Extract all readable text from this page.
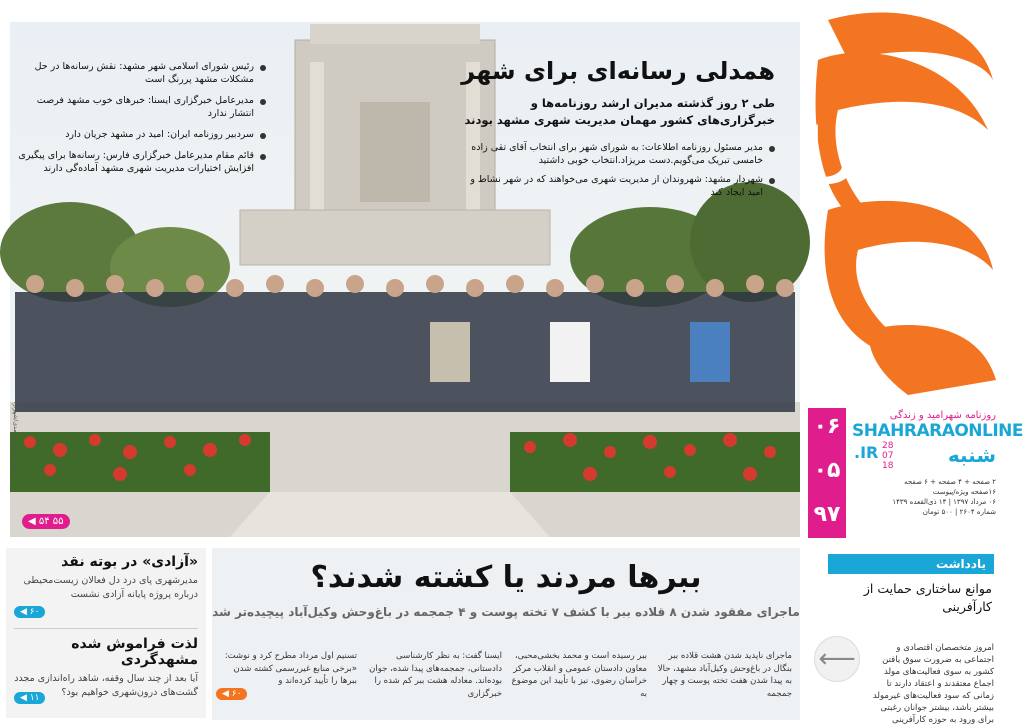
شهرآرا
۰۶
۰۵
۹۷
روزنامه شهرامید و زندگی
SHAHRARAONLINE
.IR 28
07
18	شنبه
۲ صفحه + ۴ صفحه + ۶ صفحه
۱۶صفحه ویژه/پیوست
۰۶ مرداد ۱۳۹۷ | ۱۴ ذی‌القعده ۱۴۳۹
شماره ۲۶۰۴ | ۵۰۰ تومان
همدلی رسانه‌ای برای شهر
طی ۲ روز گذشته مدیران ارشد روزنامه‌ها و خبرگزاری‌های کشور مهمان مدیریت شهری مشهد بودند
مدیر مسئول روزنامه اطلاعات: به شورای شهر برای انتخاب آقای تقی زاده خامسی تبریک می‌گویم.دست مریزاد.انتخاب خوبی داشتید
شهردار مشهد: شهروندان از مدیریت شهری می‌خواهند که در شهر نشاط و امید ایجاد کند
رئیس شورای اسلامی شهر مشهد: نقش رسانه‌ها در حل مشکلات مشهد پررنگ است
مدیرعامل خبرگزاری ایسنا: خبرهای خوب مشهد فرصت انتشار ندارد
سردبیر روزنامه ایران: امید در مشهد جریان دارد
قائم مقام مدیرعامل خبرگزاری فارس: رسانه‌ها برای پیگیری افزایش اختیارات مدیریت شهری مشهد آماده‌گی دارند
◀ ۵۴ ۵۵
عکس: حسین سرمدی/شهرآرا
«آزادی» در بوته نقد
مدیرشهری پای درد دل فعالان زیست‌محیطی درباره پروژه پایانه آزادی نشست
◀ ۶۰
لذت فراموش شده مشهدگردی
آیا بعد از چند سال وقفه، شاهد راه‌اندازی مجدد گشت‌های درون‌شهری خواهیم بود؟
◀ ۱۱
ببرها مردند یا کشته شدند؟
ماجرای مفقود شدن ۸ قلاده ببر با کشف ۷ تخته پوست و ۴ جمجمه در باغ‌وحش وکیل‌آباد پیچیده‌تر شد
ماجرای ناپدید شدن هشت قلاده ببر بنگال در باغ‌وحش وکیل‌آباد مشهد، حالا به پیدا شدن هفت تخته پوست و چهار جمجمه
ببر رسیده است و محمد بخشی‌محبی، معاون دادستان عمومی و انقلاب مرکز خراسان رضوی، نیز با تأیید این موضوع به
ایسنا گفت: به نظر کارشناسی دادستانی، جمجمه‌های پیدا شده، جوان بوده‌اند. معادله هشت ببر کم شده را خبرگزاری
تسنیم اول مرداد مطرح کرد و نوشت: «برخی منابع غیررسمی کشته شدن ببرها را تأیید کرده‌اند و
◀ ۶۰
یادداشت
موانع ساختاری حمایت از کارآفرینی
⟵	امروز متخصصان اقتصادی و اجتماعی به ضرورت سوق یافتن کشور به سوی فعالیت‌های مولد اجماع معتقدند و اعتقاد دارند تا زمانی که سود فعالیت‌های غیرمولد بیشتر باشد، بیشتر جوانان رغبتی برای ورود به حوزه کارآفرینی
